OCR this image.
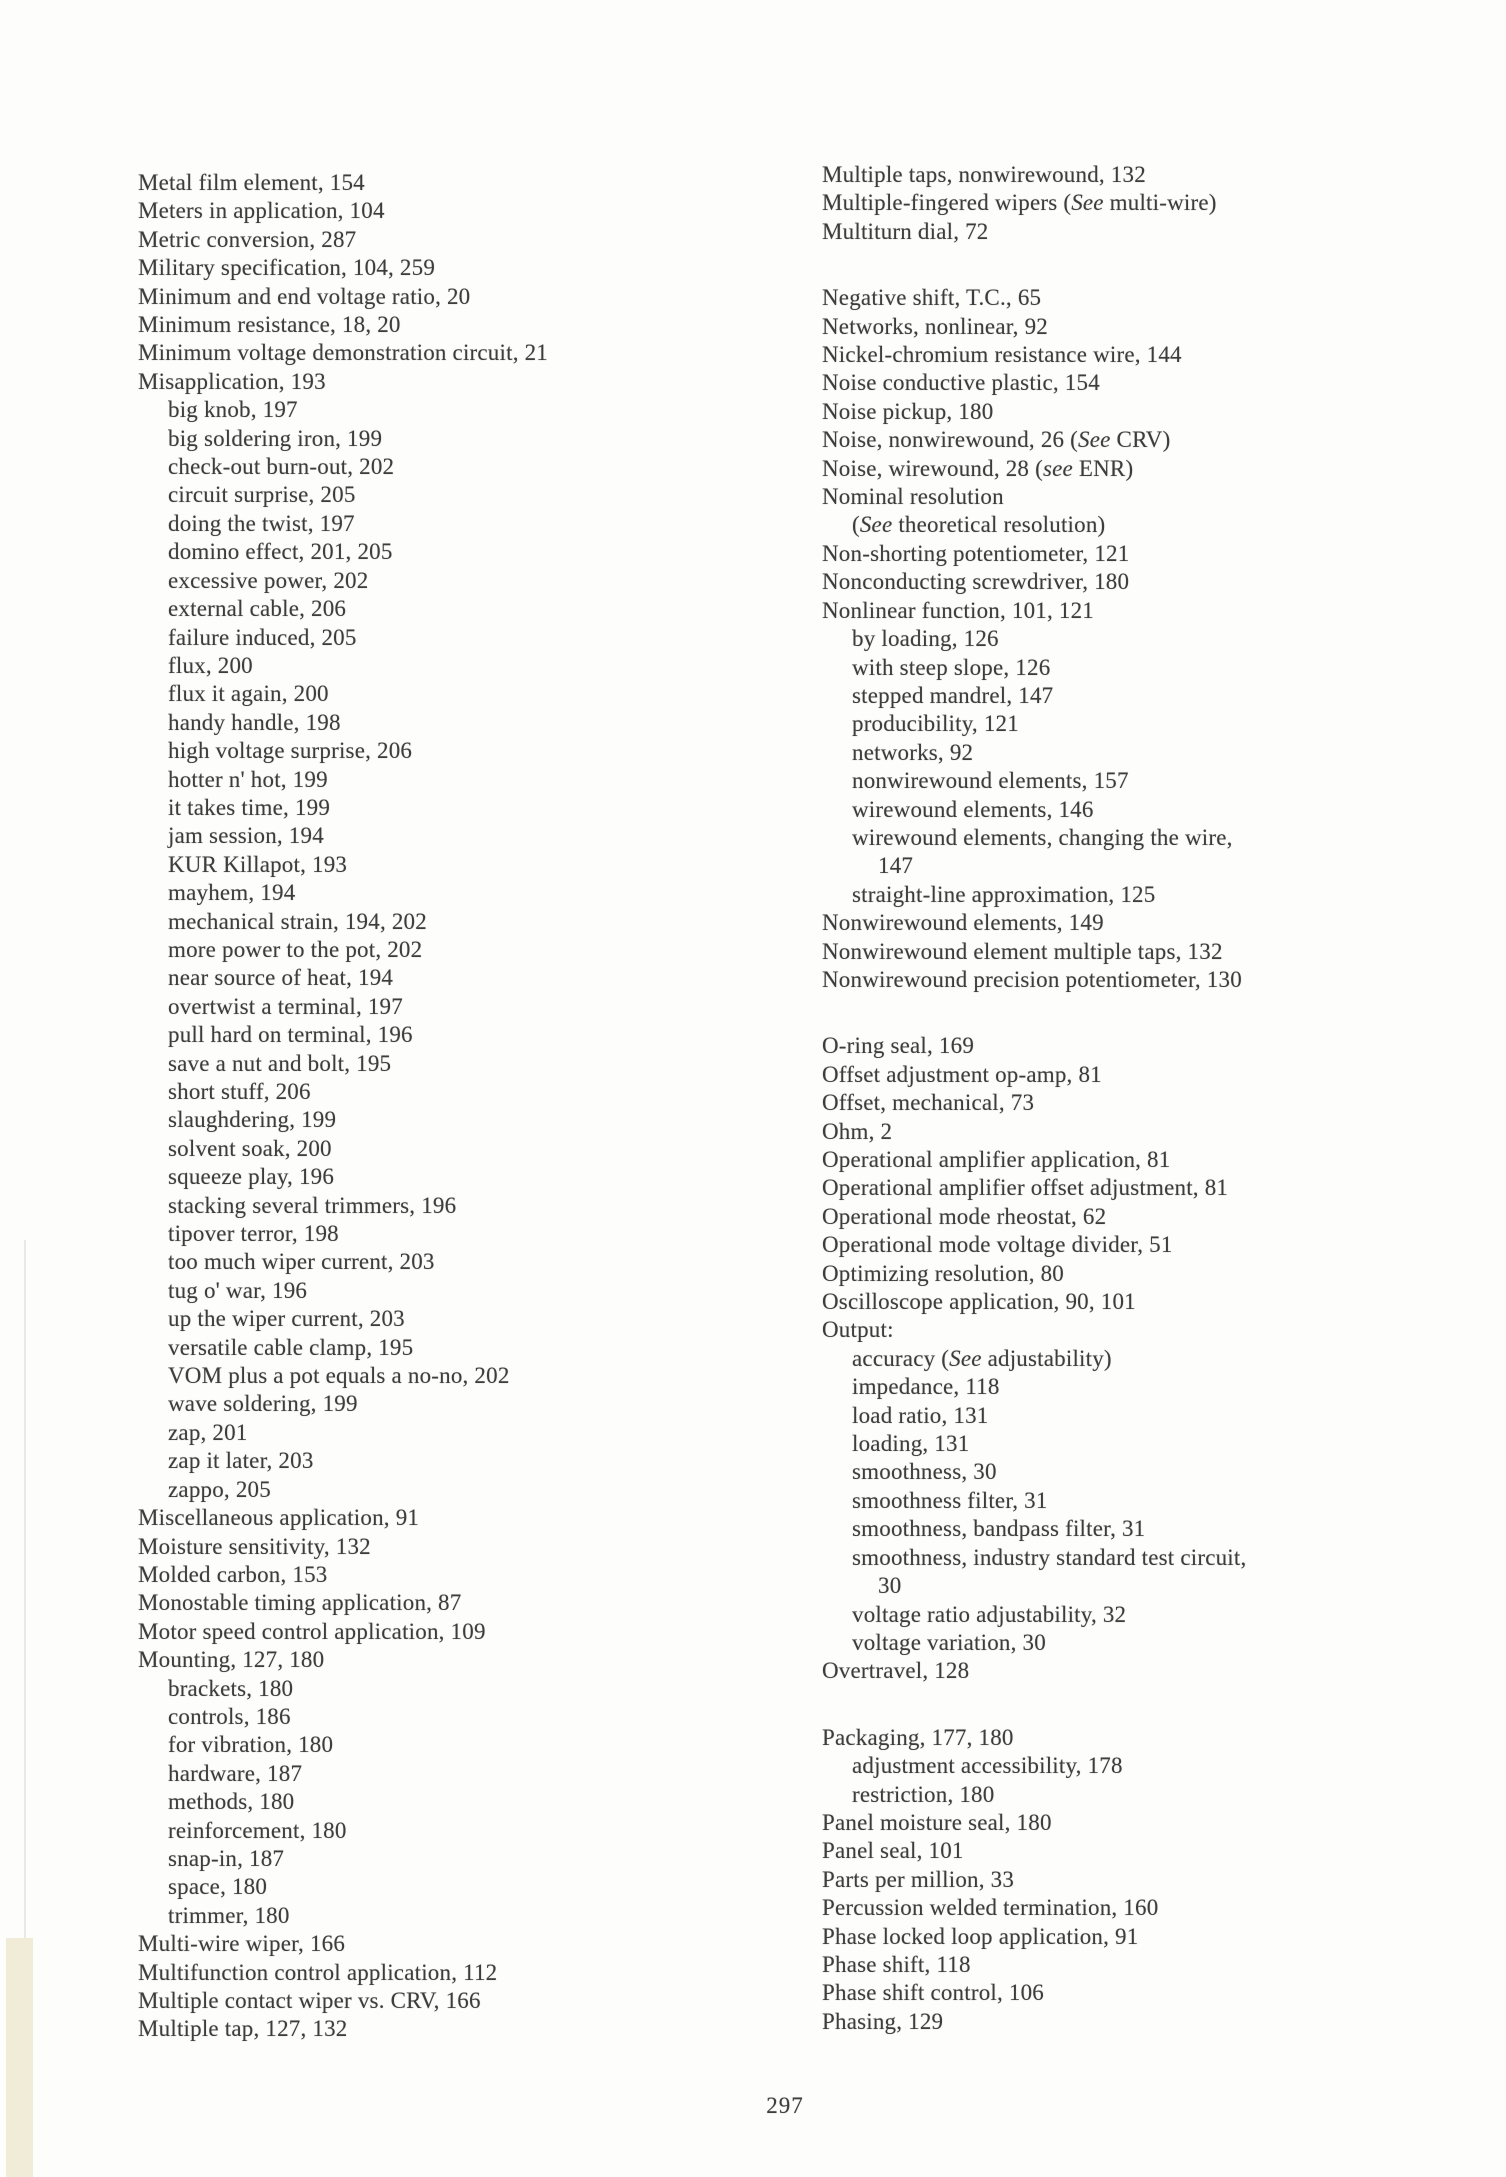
Metal film element, 154
Meters in application, 104
Metric conversion, 287
Military specification, 104, 259
Minimum and end voltage ratio, 20
Minimum resistance, 18, 20
Minimum voltage demonstration circuit, 21
Misapplication, 193
big knob, 197
big soldering iron, 199
check-out burn-out, 202
circuit surprise, 205
doing the twist, 197
domino effect, 201, 205
excessive power, 202
external cable, 206
failure induced, 205
flux, 200
flux it again, 200
handy handle, 198
high voltage surprise, 206
hotter n' hot, 199
it takes time, 199
jam session, 194
KUR Killapot, 193
mayhem, 194
mechanical strain, 194, 202
more power to the pot, 202
near source of heat, 194
overtwist a terminal, 197
pull hard on terminal, 196
save a nut and bolt, 195
short stuff, 206
slaughdering, 199
solvent soak, 200
squeeze play, 196
stacking several trimmers, 196
tipover terror, 198
too much wiper current, 203
tug o' war, 196
up the wiper current, 203
versatile cable clamp, 195
VOM plus a pot equals a no-no, 202
wave soldering, 199
zap, 201
zap it later, 203
zappo, 205
Miscellaneous application, 91
Moisture sensitivity, 132
Molded carbon, 153
Monostable timing application, 87
Motor speed control application, 109
Mounting, 127, 180
brackets, 180
controls, 186
for vibration, 180
hardware, 187
methods, 180
reinforcement, 180
snap-in, 187
space, 180
trimmer, 180
Multi-wire wiper, 166
Multifunction control application, 112
Multiple contact wiper vs. CRV, 166
Multiple tap, 127, 132
Multiple taps, nonwirewound, 132
Multiple-fingered wipers (See multi-wire)
Multiturn dial, 72
Negative shift, T.C., 65
Networks, nonlinear, 92
Nickel-chromium resistance wire, 144
Noise conductive plastic, 154
Noise pickup, 180
Noise, nonwirewound, 26 (See CRV)
Noise, wirewound, 28 (see ENR)
Nominal resolution
(See theoretical resolution)
Non-shorting potentiometer, 121
Nonconducting screwdriver, 180
Nonlinear function, 101, 121
by loading, 126
with steep slope, 126
stepped mandrel, 147
producibility, 121
networks, 92
nonwirewound elements, 157
wirewound elements, 146
wirewound elements, changing the wire,
147
straight-line approximation, 125
Nonwirewound elements, 149
Nonwirewound element multiple taps, 132
Nonwirewound precision potentiometer, 130
O-ring seal, 169
Offset adjustment op-amp, 81
Offset, mechanical, 73
Ohm, 2
Operational amplifier application, 81
Operational amplifier offset adjustment, 81
Operational mode rheostat, 62
Operational mode voltage divider, 51
Optimizing resolution, 80
Oscilloscope application, 90, 101
Output:
accuracy (See adjustability)
impedance, 118
load ratio, 131
loading, 131
smoothness, 30
smoothness filter, 31
smoothness, bandpass filter, 31
smoothness, industry standard test circuit,
30
voltage ratio adjustability, 32
voltage variation, 30
Overtravel, 128
Packaging, 177, 180
adjustment accessibility, 178
restriction, 180
Panel moisture seal, 180
Panel seal, 101
Parts per million, 33
Percussion welded termination, 160
Phase locked loop application, 91
Phase shift, 118
Phase shift control, 106
Phasing, 129
297
